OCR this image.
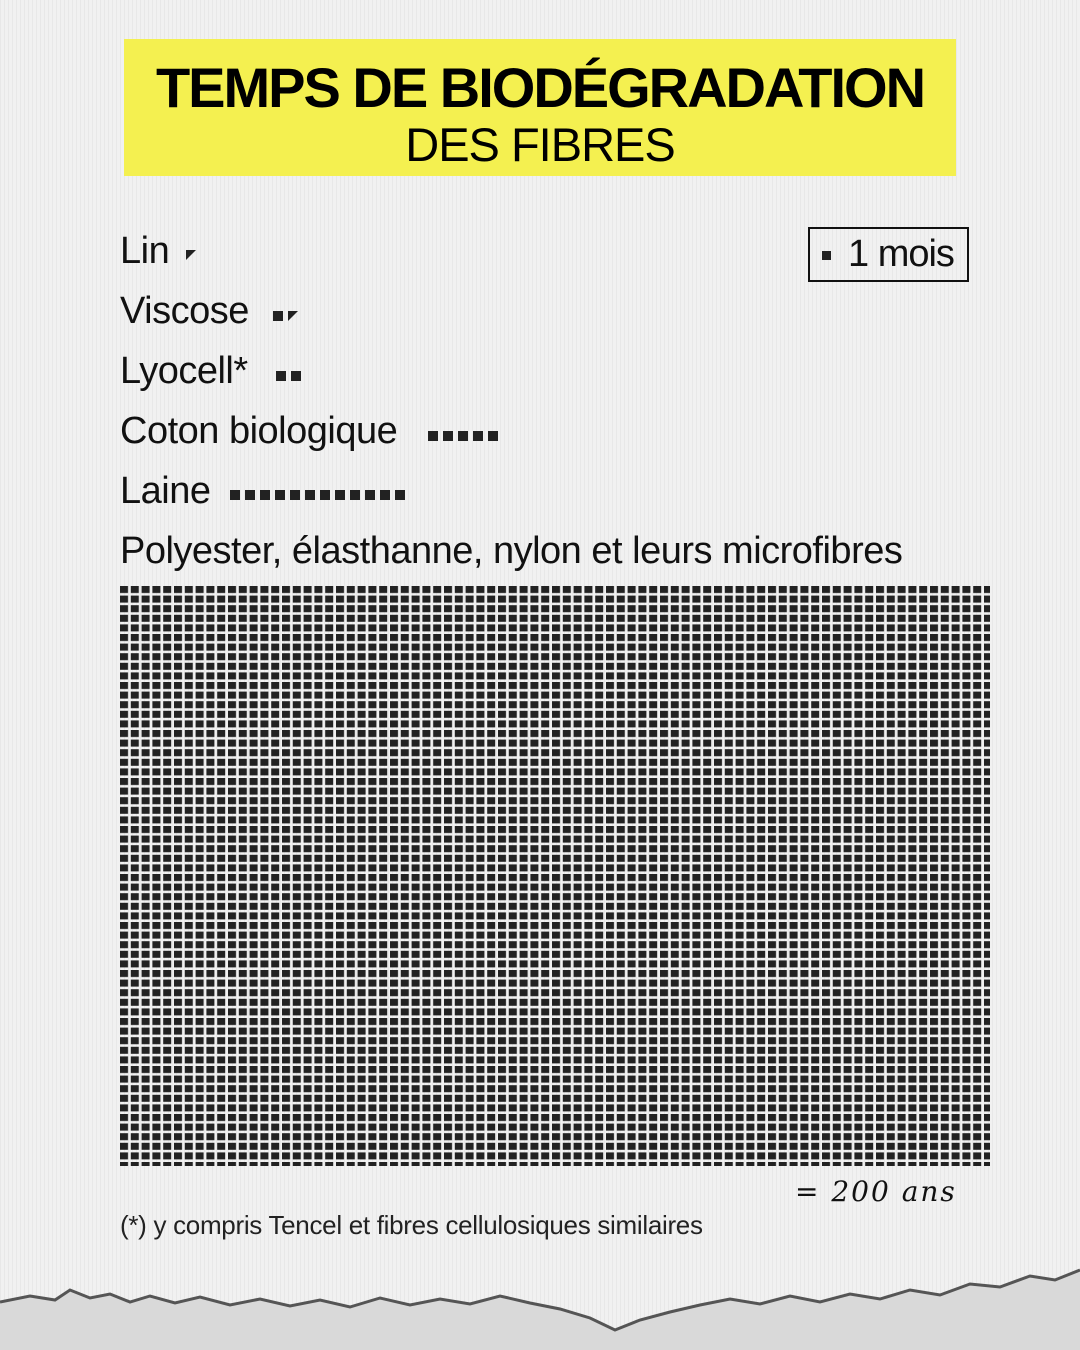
TEMPS DE BIODÉGRADATION
DES FIBRES
1 mois
Lin
Viscose
Lyocell*
Coton biologique
Laine
Polyester, élasthanne, nylon et leurs microfibres
= 200 ans
(*) y compris Tencel et fibres cellulosiques similaires
